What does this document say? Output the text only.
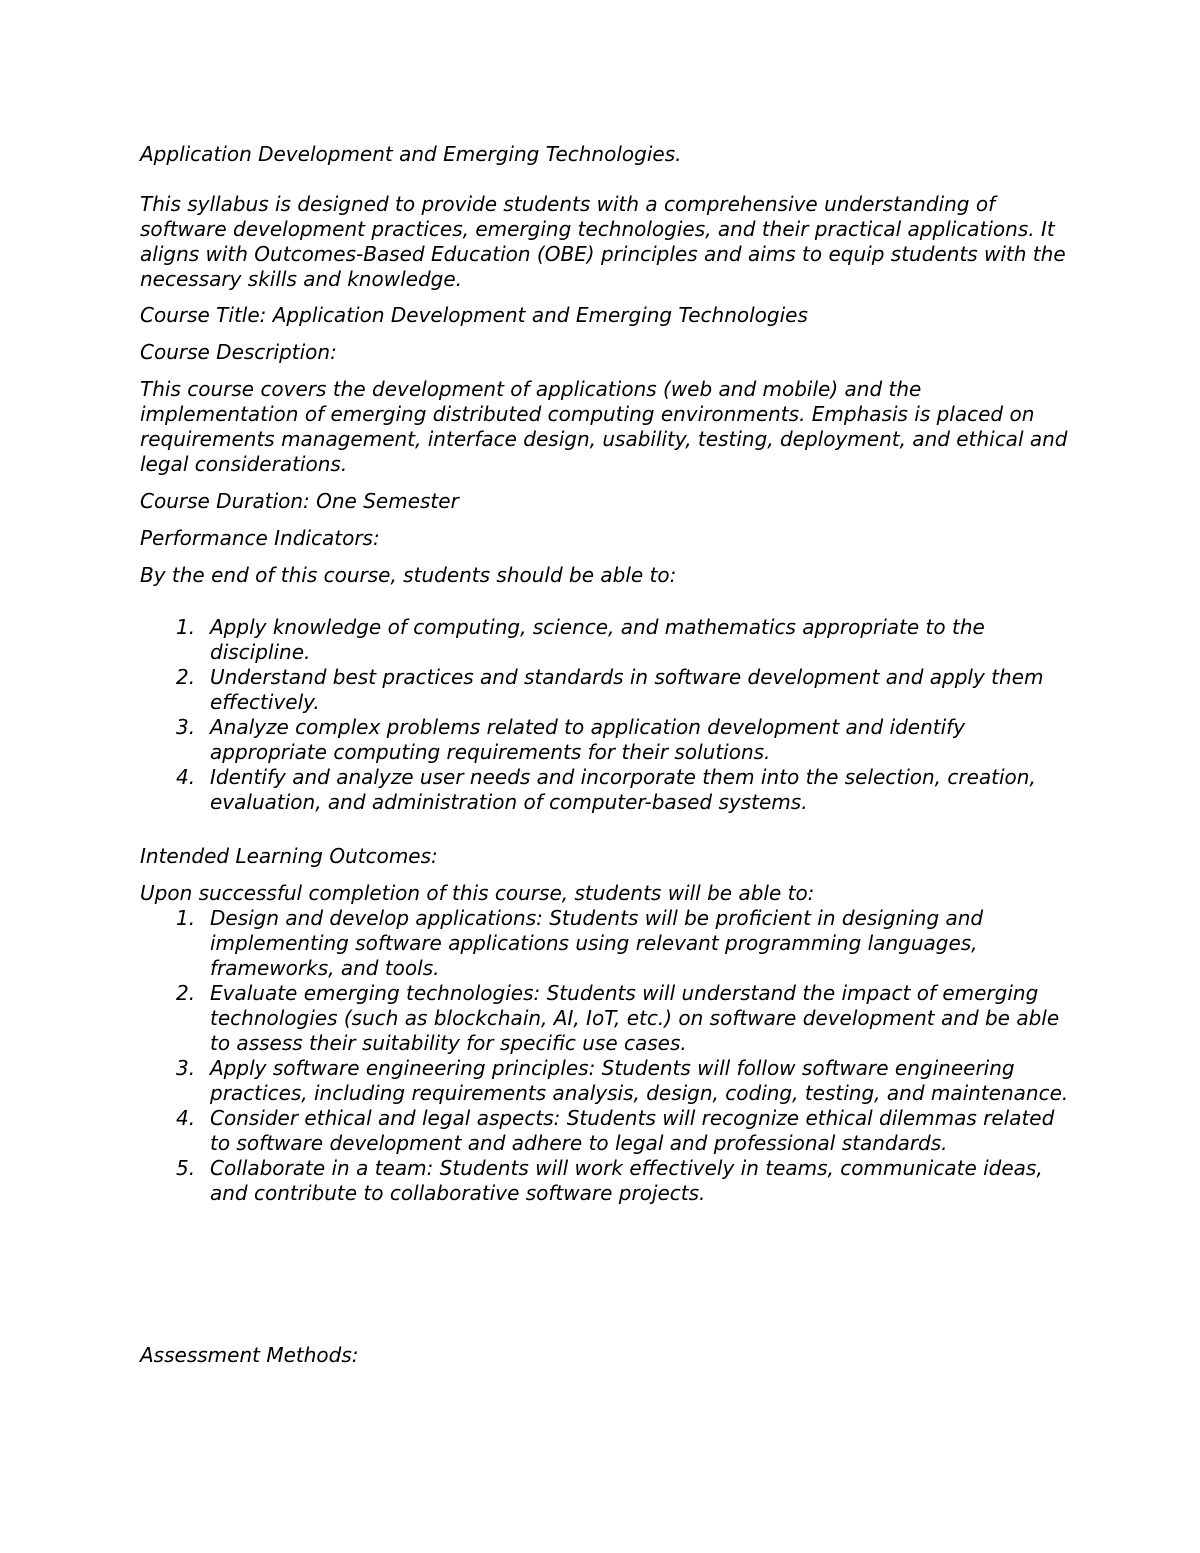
Application Development and Emerging Technologies.

This syllabus is designed to provide students with a comprehensive understanding of software development practices, emerging technologies, and their practical applications. It aligns with Outcomes-Based Education (OBE) principles and aims to equip students with the necessary skills and knowledge.

Course Title: Application Development and Emerging Technologies

Course Description:

This course covers the development of applications (web and mobile) and the implementation of emerging distributed computing environments. Emphasis is placed on requirements management, interface design, usability, testing, deployment, and ethical and legal considerations.

Course Duration: One Semester

Performance Indicators:

By the end of this course, students should be able to:

1. Apply knowledge of computing, science, and mathematics appropriate to the discipline.
2. Understand best practices and standards in software development and apply them effectively.
3. Analyze complex problems related to application development and identify appropriate computing requirements for their solutions.
4. Identify and analyze user needs and incorporate them into the selection, creation, evaluation, and administration of computer-based systems.

Intended Learning Outcomes:

Upon successful completion of this course, students will be able to:

1. Design and develop applications: Students will be proficient in designing and implementing software applications using relevant programming languages, frameworks, and tools.
2. Evaluate emerging technologies: Students will understand the impact of emerging technologies (such as blockchain, AI, IoT, etc.) on software development and be able to assess their suitability for specific use cases.
3. Apply software engineering principles: Students will follow software engineering practices, including requirements analysis, design, coding, testing, and maintenance.
4. Consider ethical and legal aspects: Students will recognize ethical dilemmas related to software development and adhere to legal and professional standards.
5. Collaborate in a team: Students will work effectively in teams, communicate ideas, and contribute to collaborative software projects.

Assessment Methods:
